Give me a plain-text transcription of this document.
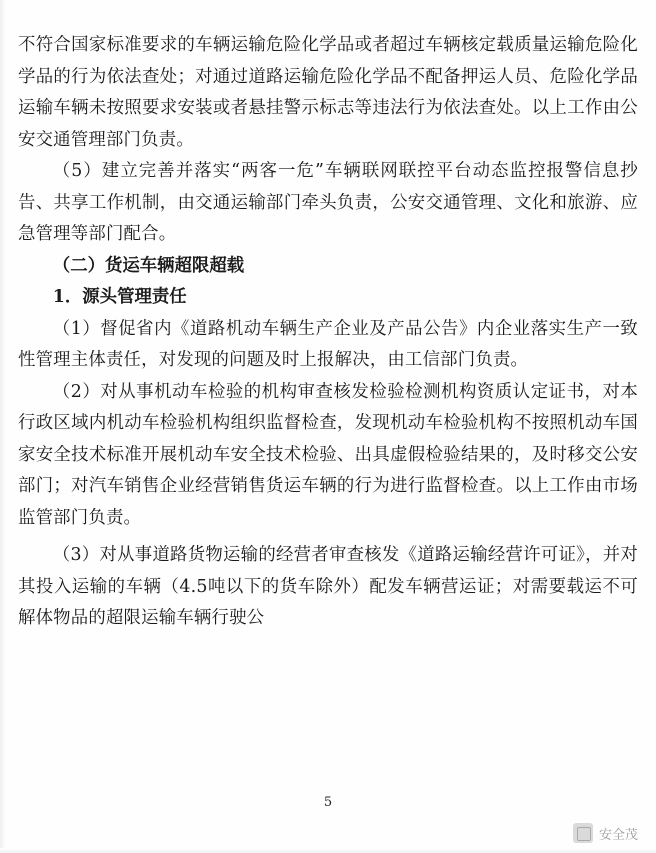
不符合国家标准要求的车辆运输危险化学品或者超过车辆核定载质量运输危险化学品的行为依法查处；对通过道路运输危险化学品不配备押运人员、危险化学品运输车辆未按照要求安装或者悬挂警示标志等违法行为依法查处。以上工作由公安交通管理部门负责。

（5）建立完善并落实“两客一危”车辆联网联控平台动态监控报警信息抄告、共享工作机制，由交通运输部门牵头负责，公安交通管理、文化和旅游、应急管理等部门配合。

（二）货运车辆超限超载

1．源头管理责任

（1）督促省内《道路机动车辆生产企业及产品公告》内企业落实生产一致性管理主体责任，对发现的问题及时上报解决，由工信部门负责。

（2）对从事机动车检验的机构审查核发检验检测机构资质认定证书，对本行政区域内机动车检验机构组织监督检查，发现机动车检验机构不按照机动车国家安全技术标准开展机动车安全技术检验、出具虚假检验结果的，及时移交公安部门；对汽车销售企业经营销售货运车辆的行为进行监督检查。以上工作由市场监管部门负责。

（3）对从事道路货物运输的经营者审查核发《道路运输经营许可证》，并对其投入运输的车辆（4.5吨以下的货车除外）配发车辆营运证；对需要载运不可解体物品的超限运输车辆行驶公

5
安全茂
